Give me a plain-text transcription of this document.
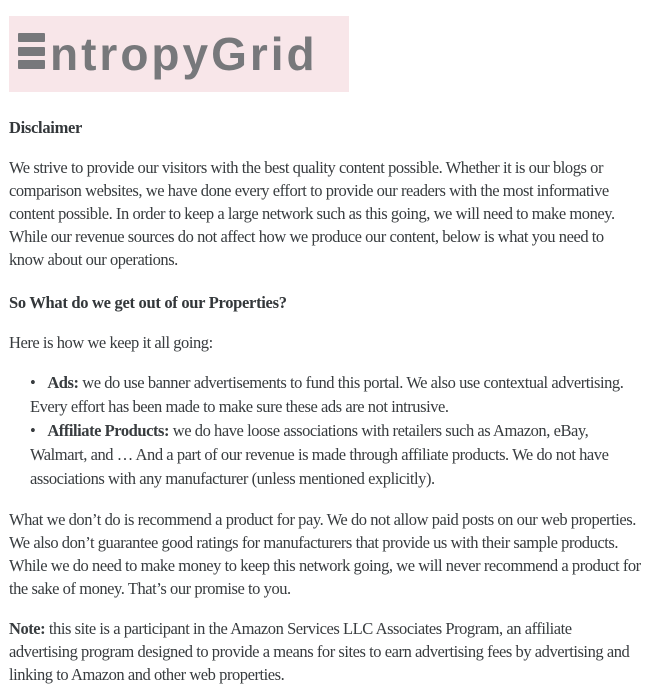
ntropyGrid
Disclaimer

We strive to provide our visitors with the best quality content possible. Whether it is our blogs or comparison websites, we have done every effort to provide our readers with the most informative content possible. In order to keep a large network such as this going, we will need to make money. While our revenue sources do not affect how we produce our content, below is what you need to know about our operations.

So What do we get out of our Properties?

Here is how we keep it all going:

• Ads: we do use banner advertisements to fund this portal. We also use contextual advertising. Every effort has been made to make sure these ads are not intrusive.
• Affiliate Products: we do have loose associations with retailers such as Amazon, eBay, Walmart, and … And a part of our revenue is made through affiliate products. We do not have associations with any manufacturer (unless mentioned explicitly).

What we don’t do is recommend a product for pay. We do not allow paid posts on our web properties. We also don’t guarantee good ratings for manufacturers that provide us with their sample products. While we do need to make money to keep this network going, we will never recommend a product for the sake of money. That’s our promise to you.

Note: this site is a participant in the Amazon Services LLC Associates Program, an affiliate advertising program designed to provide a means for sites to earn advertising fees by advertising and linking to Amazon and other web properties.
